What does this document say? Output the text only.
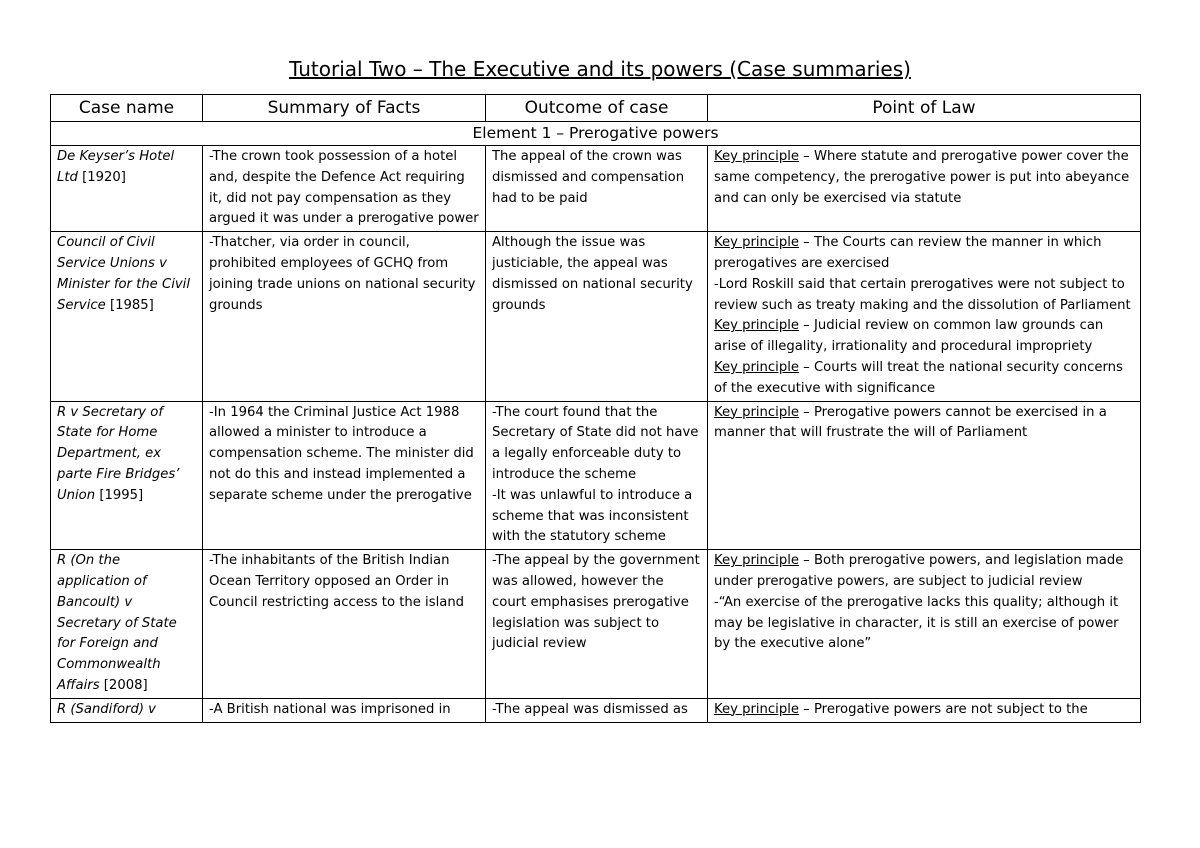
Tutorial Two – The Executive and its powers (Case summaries)
Case name	Summary of Facts	Outcome of case	Point of Law
Element 1 – Prerogative powers			
De Keyser’s Hotel Ltd [1920]	-The crown took possession of a hotel and, despite the Defence Act requiring it, did not pay compensation as they argued it was under a prerogative power	The appeal of the crown was dismissed and compensation had to be paid	Key principle – Where statute and prerogative power cover the same competency, the prerogative power is put into abeyance and can only be exercised via statute
Council of Civil Service Unions v Minister for the Civil Service [1985]	-Thatcher, via order in council, prohibited employees of GCHQ from joining trade unions on national security grounds	Although the issue was justiciable, the appeal was dismissed on national security grounds	Key principle – The Courts can review the manner in which prerogatives are exercised
-Lord Roskill said that certain prerogatives were not subject to review such as treaty making and the dissolution of Parliament
Key principle – Judicial review on common law grounds can arise of illegality, irrationality and procedural impropriety
Key principle – Courts will treat the national security concerns of the executive with significance

R v Secretary of State for Home Department, ex parte Fire Bridges’ Union [1995]	-In 1964 the Criminal Justice Act 1988 allowed a minister to introduce a compensation scheme. The minister did not do this and instead implemented a separate scheme under the prerogative	-The court found that the Secretary of State did not have a legally enforceable duty to introduce the scheme
-It was unlawful to introduce a scheme that was inconsistent with the statutory scheme	Key principle – Prerogative powers cannot be exercised in a manner that will frustrate the will of Parliament
R (On the application of Bancoult) v Secretary of State for Foreign and Commonwealth Affairs [2008]	-The inhabitants of the British Indian Ocean Territory opposed an Order in Council restricting access to the island	-The appeal by the government was allowed, however the court emphasises prerogative legislation was subject to judicial review	Key principle – Both prerogative powers, and legislation made under prerogative powers, are subject to judicial review
-“An exercise of the prerogative lacks this quality; although it may be legislative in character, it is still an exercise of power by the executive alone”

R (Sandiford) v	-A British national was imprisoned in	-The appeal was dismissed as	Key principle – Prerogative powers are not subject to the
